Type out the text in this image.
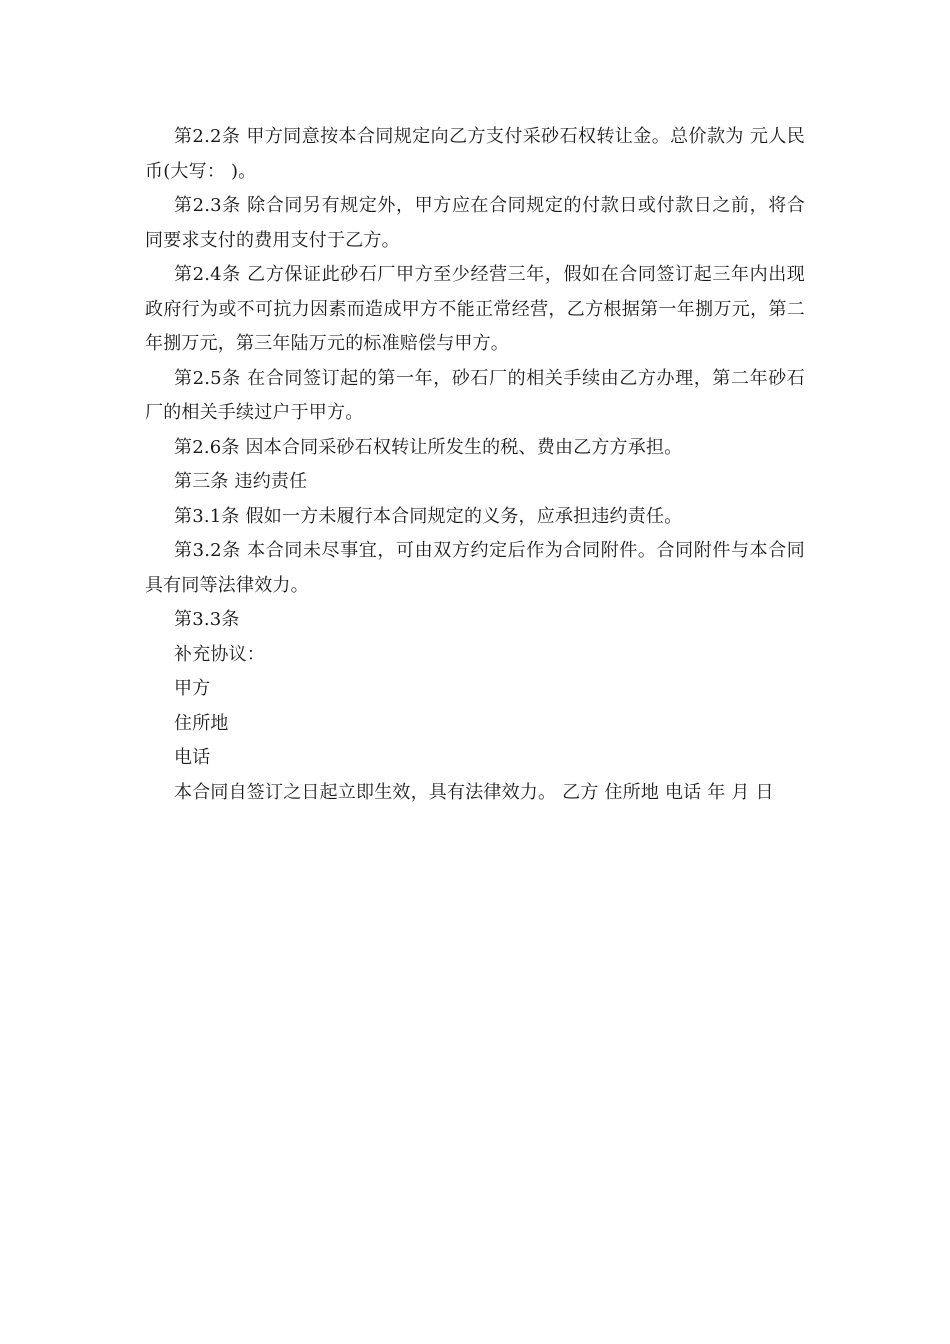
第2.2条 甲方同意按本合同规定向乙方支付采砂石权转让金。总价款为 元人民币(大写： )。

第2.3条 除合同另有规定外，甲方应在合同规定的付款日或付款日之前，将合同要求支付的费用支付于乙方。

第2.4条 乙方保证此砂石厂甲方至少经营三年，假如在合同签订起三年内出现政府行为或不可抗力因素而造成甲方不能正常经营，乙方根据第一年捌万元，第二年捌万元，第三年陆万元的标准赔偿与甲方。

第2.5条 在合同签订起的第一年，砂石厂的相关手续由乙方办理，第二年砂石厂的相关手续过户于甲方。

第2.6条 因本合同采砂石权转让所发生的税、费由乙方方承担。

第三条 违约责任

第3.1条 假如一方未履行本合同规定的义务，应承担违约责任。

第3.2条 本合同未尽事宜，可由双方约定后作为合同附件。合同附件与本合同具有同等法律效力。

第3.3条

补充协议：

甲方

住所地

电话

本合同自签订之日起立即生效，具有法律效力。 乙方 住所地 电话 年 月 日
